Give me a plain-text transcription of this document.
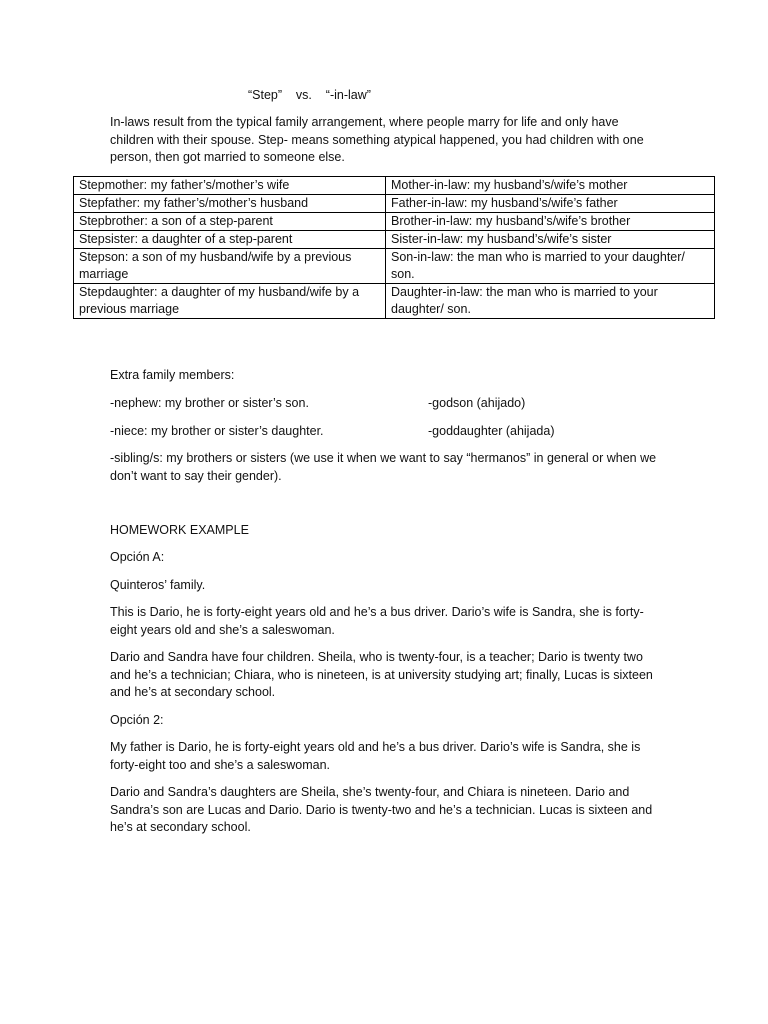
“Step”    vs.    “-in-law”
In-laws result from the typical family arrangement, where people marry for life and only have children with their spouse. Step- means something atypical happened, you had children with one person, then got married to someone else.
Stepmother: my father’s/mother’s wife	Mother-in-law: my husband’s/wife’s mother
Stepfather: my father’s/mother’s husband	Father-in-law: my husband’s/wife’s father
Stepbrother: a son of a step-parent	Brother-in-law: my husband’s/wife’s brother
Stepsister: a daughter of a step-parent	Sister-in-law: my husband’s/wife’s sister
Stepson: a son of my husband/wife by a previous marriage	Son-in-law: the man who is married to your daughter/ son.
Stepdaughter: a daughter of my husband/wife by a previous marriage	Daughter-in-law: the man who is married to your daughter/ son.
Extra family members:
-nephew: my brother or sister’s son.	-godson (ahijado)
-niece: my brother or sister’s daughter.	-goddaughter (ahijada)
-sibling/s: my brothers or sisters (we use it when we want to say “hermanos” in general or when we don’t want to say their gender).
HOMEWORK EXAMPLE
Opción A:
Quinteros’ family.
This is Dario, he is forty-eight years old and he’s a bus driver. Dario’s wife is Sandra, she is forty-eight years old and she’s a saleswoman.
Dario and Sandra have four children. Sheila, who is twenty-four, is a teacher; Dario is twenty two and he’s a technician; Chiara, who is nineteen, is at university studying art; finally, Lucas is sixteen and he’s at secondary school.
Opción 2:
My father is Dario, he is forty-eight years old and he’s a bus driver. Dario’s wife is Sandra, she is forty-eight too and she’s a saleswoman.
Dario and Sandra’s daughters are Sheila, she’s twenty-four, and Chiara is nineteen. Dario and Sandra’s son are Lucas and Dario. Dario is twenty-two and he’s a technician. Lucas is sixteen and he’s at secondary school.
